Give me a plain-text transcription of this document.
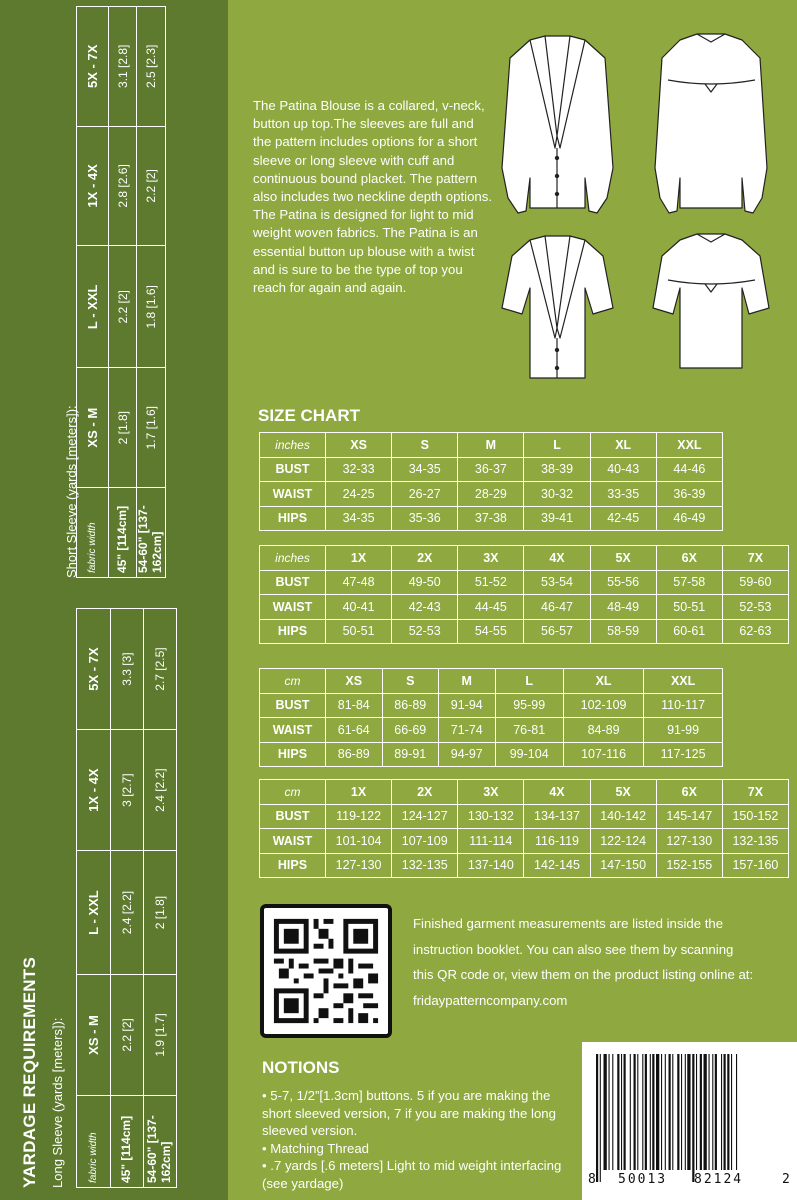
Short Sleeve (yards [meters]): fabric width	XS - M	L - XXL	1X - 4X	5X - 7X
45" [114cm]	2 [1.8]	2.2 [2]	2.8 [2.6]	3.1 [2.8]
54-60" [137-162cm]	1.7 [1.6]	1.8 [1.6]	2.2 [2]	2.5 [2.3]
YARDAGE REQUIREMENTS Long Sleeve (yards [meters]): fabric width	XS - M	L - XXL	1X - 4X	5X - 7X
45" [114cm]	2.2 [2]	2.4 [2.2]	3 [2.7]	3.3 [3]
54-60" [137-162cm]	1.9 [1.7]	2 [1.8]	2.4 [2.2]	2.7 [2.5]

The Patina Blouse is a collared, v-neck, button up top.The sleeves are full and the pattern includes options for a short sleeve or long sleeve with cuff and continuous bound placket. The pattern also includes two neckline depth options. The Patina is designed for light to mid weight woven fabrics. The Patina is an essential button up blouse with a twist and is sure to be the type of top you reach for again and again.

SIZE CHART
inches	XS	S	M	L	XL	XXL
BUST	32-33	34-35	36-37	38-39	40-43	44-46
WAIST	24-25	26-27	28-29	30-32	33-35	36-39
HIPS	34-35	35-36	37-38	39-41	42-45	46-49
inches	1X	2X	3X	4X	5X	6X	7X
BUST	47-48	49-50	51-52	53-54	55-56	57-58	59-60
WAIST	40-41	42-43	44-45	46-47	48-49	50-51	52-53
HIPS	50-51	52-53	54-55	56-57	58-59	60-61	62-63
cm	XS	S	M	L	XL	XXL
BUST	81-84	86-89	91-94	95-99	102-109	110-117
WAIST	61-64	66-69	71-74	76-81	84-89	91-99
HIPS	86-89	89-91	94-97	99-104	107-116	117-125
cm	1X	2X	3X	4X	5X	6X	7X
BUST	119-122	124-127	130-132	134-137	140-142	145-147	150-152
WAIST	101-104	107-109	111-114	116-119	122-124	127-130	132-135
HIPS	127-130	132-135	137-140	142-145	147-150	152-155	157-160
Finished garment measurements are listed inside the
instruction booklet. You can also see them by scanning
this QR code or, view them on the product listing online at:
fridaypatterncompany.com
NOTIONS
• 5-7, 1/2”[1.3cm] buttons. 5 if you are making the short sleeved version, 7 if you are making the long sleeved version.
• Matching Thread
• .7 yards [.6 meters] Light to mid weight interfacing (see yardage)	8 50013 82124	2
